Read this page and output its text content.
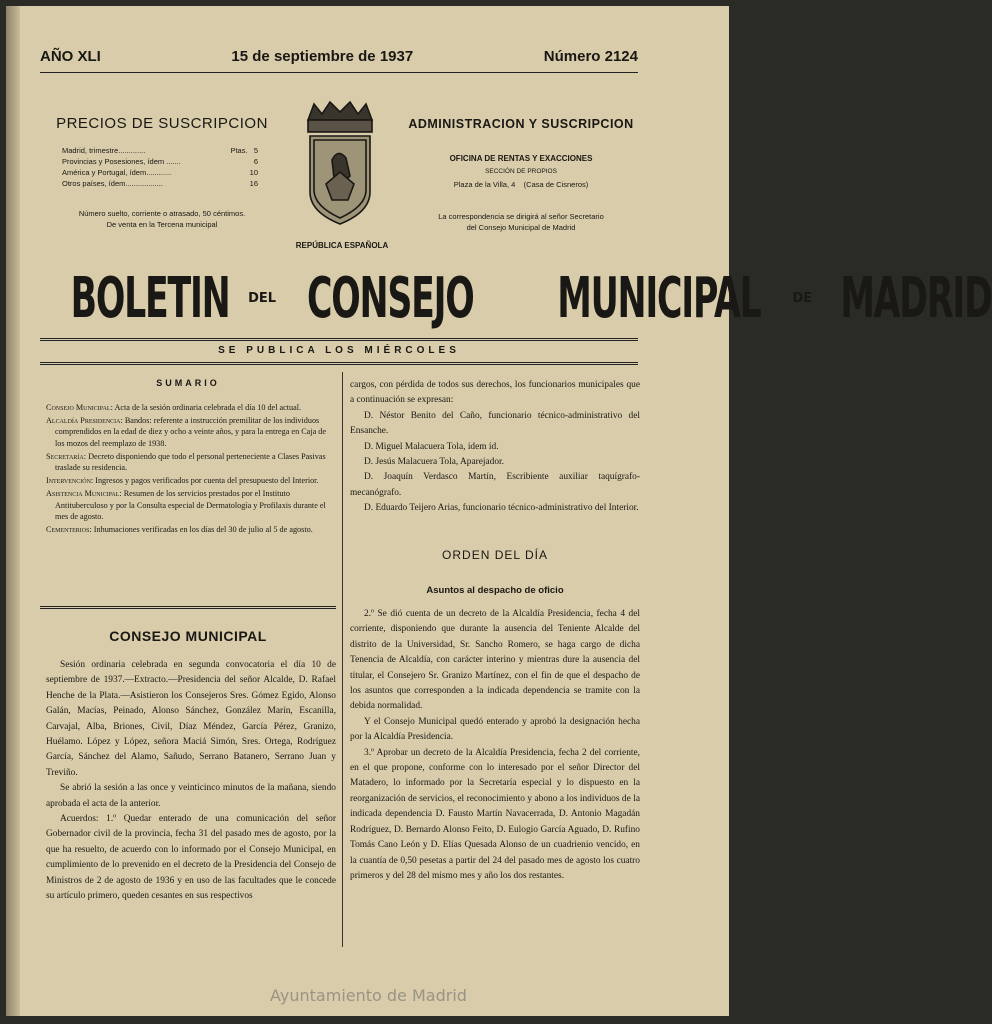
AÑO XLI	15 de septiembre de 1937	Número 2124
PRECIOS DE SUSCRIPCION
Madrid, trimestre.............	Ptas. 5
Provincias y Posesiones, ídem .......	6
América y Portugal, ídem............	10
Otros países, ídem..................	16
Número suelto, corriente o atrasado, 50 céntimos.
De venta en la Tercena municipal
ADMINISTRACION Y SUSCRIPCION
OFICINA DE RENTAS Y EXACCIONES
SECCIÓN DE PROPIOS
Plaza de la Villa, 4 (Casa de Cisneros)
La correspondencia se dirigirá al señor Secretario
del Consejo Municipal de Madrid
REPÚBLICA ESPAÑOLA
BOLETIN DEL CONSEJO MUNICIPAL DE MADRID
SE PUBLICA LOS MIÉRCOLES
SUMARIO
Consejo Municipal: Acta de la sesión ordinaria celebrada el día 10 del actual.
Alcaldía Presidencia: Bandos: referente a instrucción premilitar de los individuos comprendidos en la edad de diez y ocho a veinte años, y para la entrega en Caja de los mozos del reemplazo de 1938.
Secretaría: Decreto disponiendo que todo el personal perteneciente a Clases Pasivas traslade su residencia.
Intervención: Ingresos y pagos verificados por cuenta del presupuesto del Interior.
Asistencia Municipal: Resumen de los servicios prestados por el Instituto Antituberculoso y por la Consulta especial de Dermatología y Profilaxis durante el mes de agosto.
Cementerios: Inhumaciones verificadas en los días del 30 de julio al 5 de agosto.
CONSEJO MUNICIPAL

Sesión ordinaria celebrada en segunda convocatoria el día 10 de septiembre de 1937.—Extracto.—Presidencia del señor Alcalde, D. Rafael Henche de la Plata.—Asistieron los Consejeros Sres. Gómez Egido, Alonso Galán, Macías, Peinado, Alonso Sánchez, González Marín, Escanilla, Carvajal, Alba, Briones, Civil, Díaz Méndez, García Pérez, Granizo, Huélamo. López y López, señora Maciá Simón, Sres. Ortega, Rodríguez García, Sánchez del Alamo, Sañudo, Serrano Batanero, Serrano Juan y Treviño.

Se abrió la sesión a las once y veinticinco minutos de la mañana, siendo aprobada el acta de la anterior.

Acuerdos: 1.º Quedar enterado de una comunicación del señor Gobernador civil de la provincia, fecha 31 del pasado mes de agosto, por la que ha resuelto, de acuerdo con lo informado por el Consejo Municipal, en cumplimiento de lo prevenido en el decreto de la Presidencia del Consejo de Ministros de 2 de agosto de 1936 y en uso de las facultades que le concede su artículo primero, queden cesantes en sus respectivos

cargos, con pérdida de todos sus derechos, los funcionarios municipales que a continuación se expresan:

D. Néstor Benito del Caño, funcionario técnico-administrativo del Ensanche.

D. Miguel Malacuera Tola, ídem íd.

D. Jesús Malacuera Tola, Aparejador.

D. Joaquín Verdasco Martín, Escribiente auxiliar taquígrafo-mecanógrafo.

D. Eduardo Teijero Arias, funcionario técnico-administrativo del Interior.

ORDEN DEL DÍA
Asuntos al despacho de oficio

2.º Se dió cuenta de un decreto de la Alcaldía Presidencia, fecha 4 del corriente, disponiendo que durante la ausencia del Teniente Alcalde del distrito de la Universidad, Sr. Sancho Romero, se haga cargo de dicha Tenencia de Alcaldía, con carácter interino y mientras dure la ausencia del titular, el Consejero Sr. Granizo Martínez, con el fin de que el despacho de los asuntos que corresponden a la indicada dependencia se tramite con la debida normalidad.

Y el Consejo Municipal quedó enterado y aprobó la designación hecha por la Alcaldía Presidencia.

3.º Aprobar un decreto de la Alcaldía Presidencia, fecha 2 del corriente, en el que propone, conforme con lo interesado por el señor Director del Matadero, lo informado por la Secretaría especial y lo dispuesto en la reorganización de servicios, el reconocimiento y abono a los individuos de la indicada dependencia D. Fausto Martín Navacerrada, D. Antonio Magadán Rodríguez, D. Bernardo Alonso Feito, D. Eulogio García Aguado, D. Rufino Tomás Cano León y D. Elías Quesada Alonso de un cuadrienio vencido, en la cuantía de 0,50 pesetas a partir del 24 del pasado mes de agosto los cuatro primeros y del 28 del mismo mes y año los dos restantes.

Ayuntamiento de Madrid
